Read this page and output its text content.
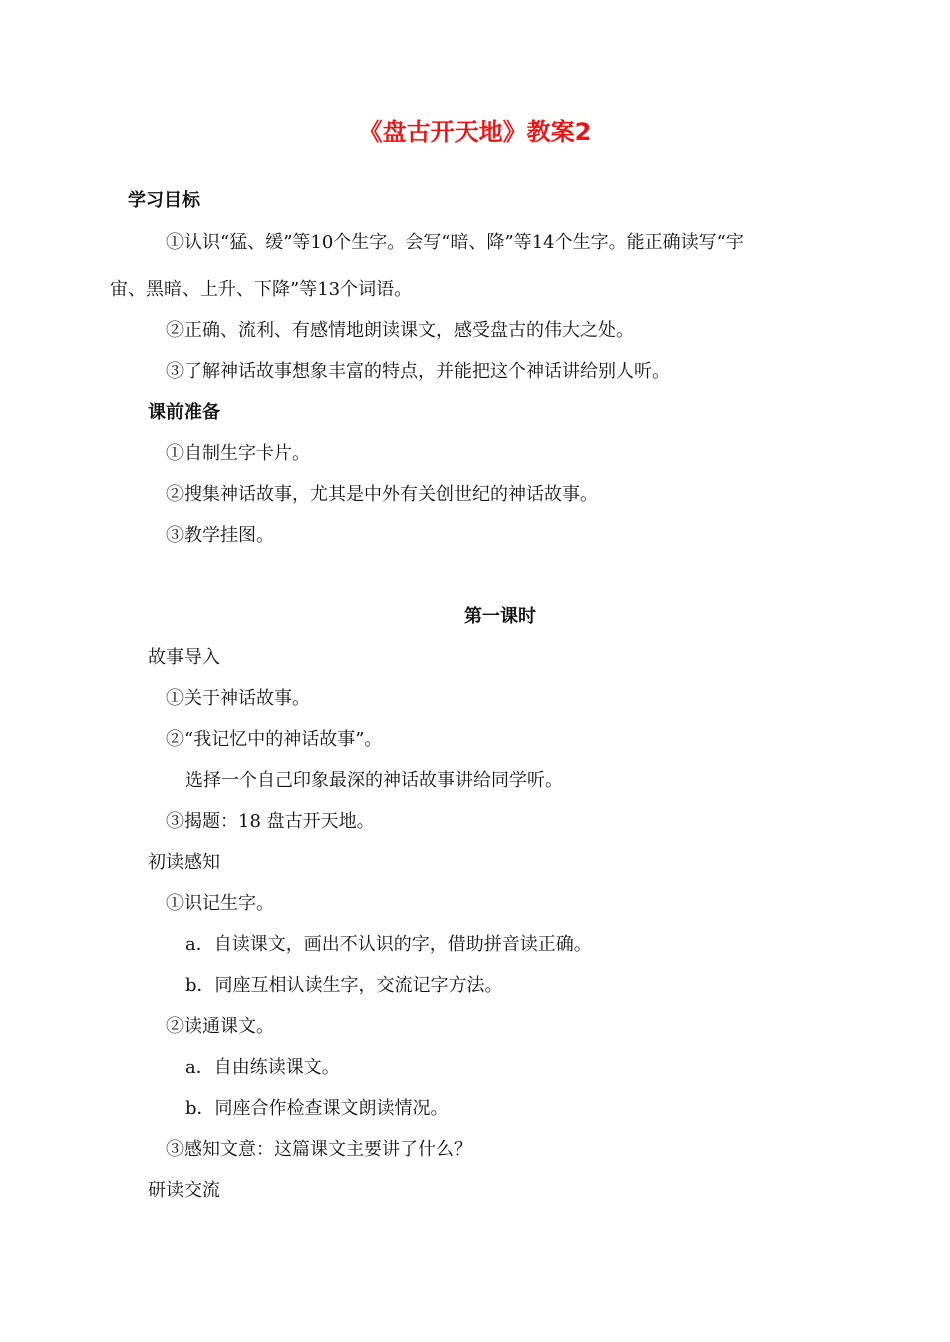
《盘古开天地》教案2
学习目标
①认识“猛、缓”等10个生字。会写“暗、降”等14个生字。能正确读写“宇
宙、黑暗、上升、下降”等13个词语。
②正确、流利、有感情地朗读课文，感受盘古的伟大之处。
③了解神话故事想象丰富的特点，并能把这个神话讲给别人听。
课前准备
①自制生字卡片。
②搜集神话故事，尤其是中外有关创世纪的神话故事。
③教学挂图。
第一课时
故事导入
①关于神话故事。
②“我记忆中的神话故事”。
选择一个自己印象最深的神话故事讲给同学听。
③揭题：18 盘古开天地。
初读感知
①识记生字。
a．自读课文，画出不认识的字，借助拼音读正确。
b．同座互相认读生字，交流记字方法。
②读通课文。
a．自由练读课文。
b．同座合作检查课文朗读情况。
③感知文意：这篇课文主要讲了什么？
研读交流
